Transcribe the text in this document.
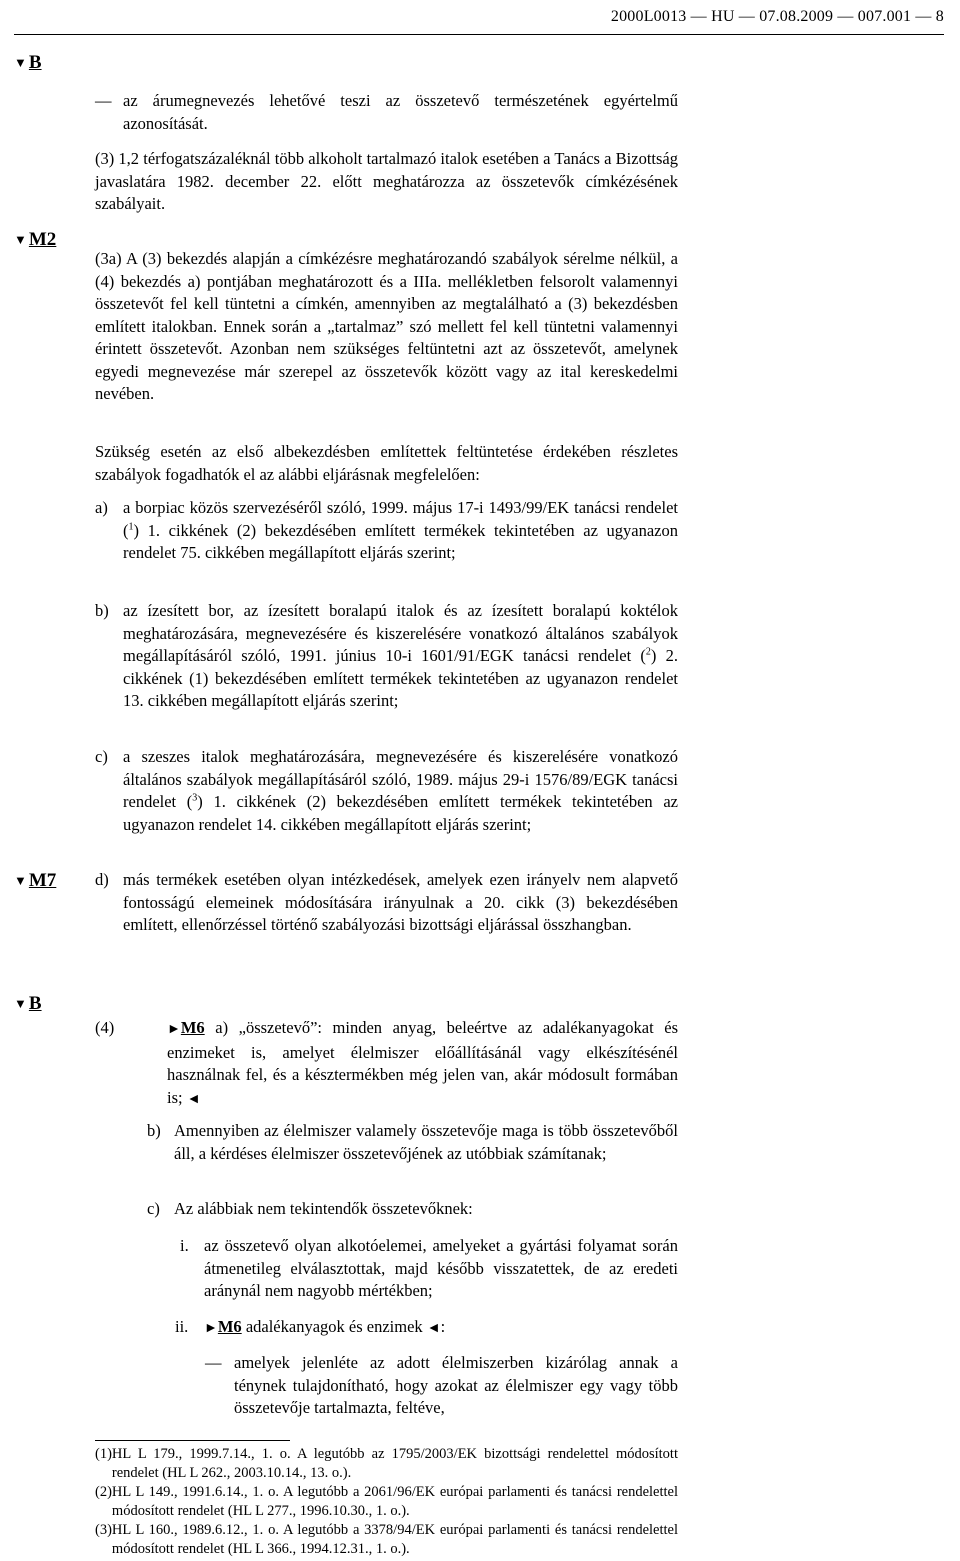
2000L0013 — HU — 07.08.2009 — 007.001 — 8
▼ B
▼ M2
▼ M7
▼ B
— az árumegnevezés lehetővé teszi az összetevő természetének egyértelmű azonosítását.

(3) 1,2 térfogatszázaléknál több alkoholt tartalmazó italok esetében a Tanács a Bizottság javaslatára 1982. december 22. előtt meghatározza az összetevők címkézésének szabályait.

(3a) A (3) bekezdés alapján a címkézésre meghatározandó szabályok sérelme nélkül, a (4) bekezdés a) pontjában meghatározott és a IIIa. mellékletben felsorolt valamennyi összetevőt fel kell tüntetni a címkén, amennyiben az megtalálható a (3) bekezdésben említett italokban. Ennek során a „tartalmaz” szó mellett fel kell tüntetni valamennyi érintett összetevőt. Azonban nem szükséges feltüntetni azt az összetevőt, amelynek egyedi megnevezése már szerepel az összetevők között vagy az ital kereskedelmi nevében.

Szükség esetén az első albekezdésben említettek feltüntetése érdekében részletes szabályok fogadhatók el az alábbi eljárásnak megfelelően:

a) a borpiac közös szervezéséről szóló, 1999. május 17-i 1493/99/EK tanácsi rendelet ($^1$) 1. cikkének (2) bekezdésében említett termékek tekintetében az ugyanazon rendelet 75. cikkében megállapított eljárás szerint;
b) az ízesített bor, az ízesített boralapú italok és az ízesített boralapú koktélok meghatározására, megnevezésére és kiszerelésére vonatkozó általános szabályok megállapításáról szóló, 1991. június 10-i 1601/91/EGK tanácsi rendelet ($^2$) 2. cikkének (1) bekezdésében említett termékek tekintetében az ugyanazon rendelet 13. cikkében megállapított eljárás szerint;
c) a szeszes italok meghatározására, megnevezésére és kiszerelésére vonatkozó általános szabályok megállapításáról szóló, 1989. május 29-i 1576/89/EGK tanácsi rendelet ($^3$) 1. cikkének (2) bekezdésében említett termékek tekintetében az ugyanazon rendelet 14. cikkében megállapított eljárás szerint;
d) más termékek esetében olyan intézkedések, amelyek ezen irányelv nem alapvető fontosságú elemeinek módosítására irányulnak a 20. cikk (3) bekezdésében említett, ellenőrzéssel történő szabályozási bizottsági eljárással összhangban.
(4)	►M6 a) „összetevő”: minden anyag, beleértve az adalékanyagokat és enzimeket is, amelyet élelmiszer előállításánál vagy elkészítésénél használnak fel, és a késztermékben még jelen van, akár módosult formában is; ◄
b) Amennyiben az élelmiszer valamely összetevője maga is több összetevőből áll, a kérdéses élelmiszer összetevőjének az utóbbiak számítanak;
c) Az alábbiak nem tekintendők összetevőknek:
i. az összetevő olyan alkotóelemei, amelyeket a gyártási folyamat során átmenetileg elválasztottak, majd később visszatettek, de az eredeti aránynál nem nagyobb mértékben;
ii.	►M6 adalékanyagok és enzimek ◄:
— amelyek jelenléte az adott élelmiszerben kizárólag annak a ténynek tulajdonítható, hogy azokat az élelmiszer egy vagy több összetevője tartalmazta, feltéve,
(1) HL L 179., 1999.7.14., 1. o. A legutóbb az 1795/2003/EK bizottsági rendelettel módosított rendelet (HL L 262., 2003.10.14., 13. o.).
(2) HL L 149., 1991.6.14., 1. o. A legutóbb a 2061/96/EK európai parlamenti és tanácsi rendelettel módosított rendelet (HL L 277., 1996.10.30., 1. o.).
(3) HL L 160., 1989.6.12., 1. o. A legutóbb a 3378/94/EK európai parlamenti és tanácsi rendelettel módosított rendelet (HL L 366., 1994.12.31., 1. o.).
